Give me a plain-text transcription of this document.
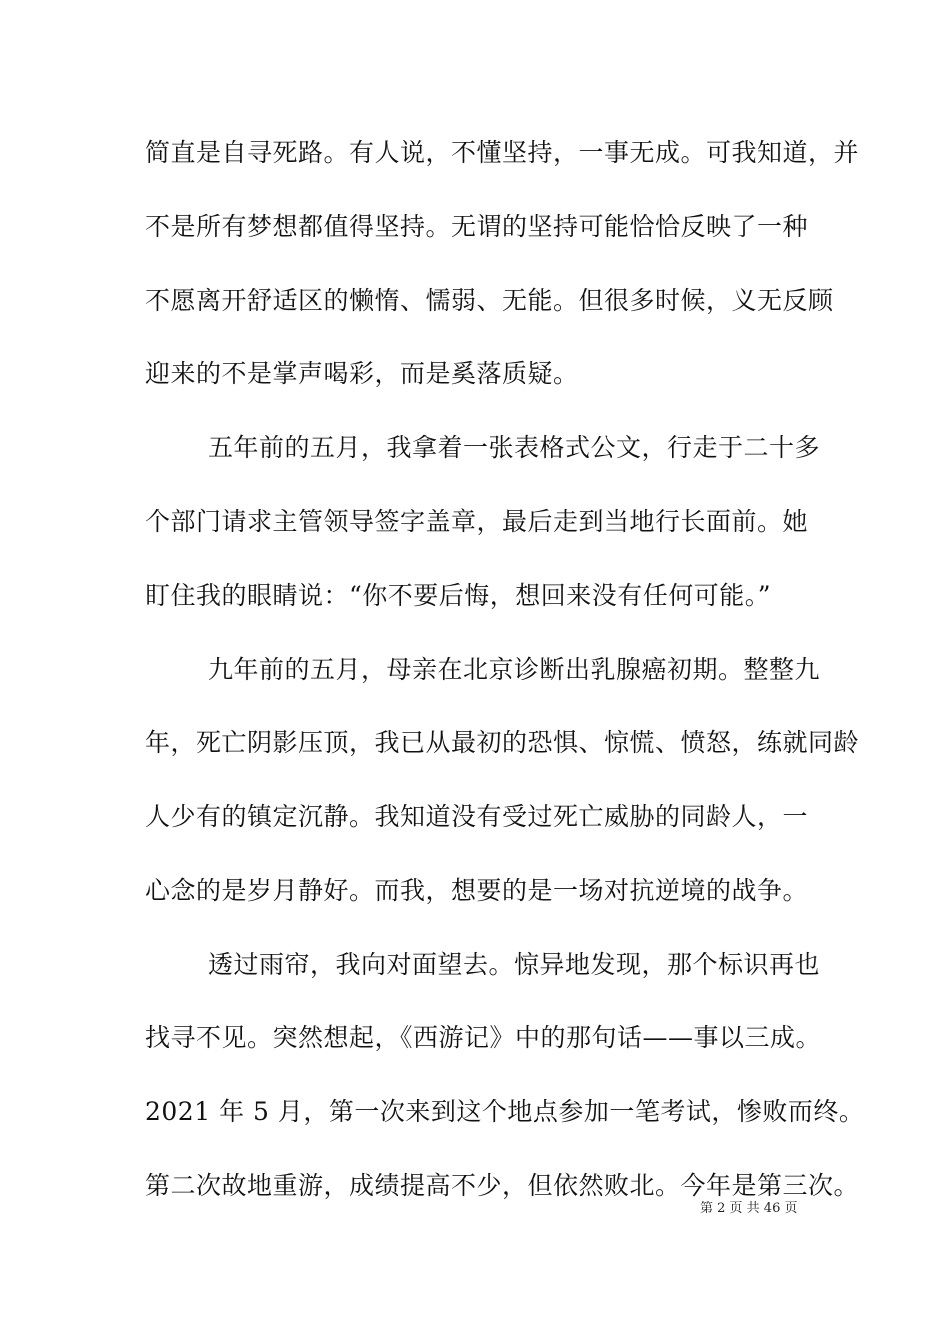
简直是自寻死路。有人说，不懂坚持，一事无成。可我知道，并
不是所有梦想都值得坚持。无谓的坚持可能恰恰反映了一种
不愿离开舒适区的懒惰、懦弱、无能。但很多时候，义无反顾
迎来的不是掌声喝彩，而是奚落质疑。
五年前的五月，我拿着一张表格式公文，行走于二十多
个部门请求主管领导签字盖章，最后走到当地行长面前。她
盯住我的眼睛说：“你不要后悔，想回来没有任何可能。”
九年前的五月，母亲在北京诊断出乳腺癌初期。整整九
年，死亡阴影压顶，我已从最初的恐惧、惊慌、愤怒，练就同龄
人少有的镇定沉静。我知道没有受过死亡威胁的同龄人，一
心念的是岁月静好。而我，想要的是一场对抗逆境的战争。
透过雨帘，我向对面望去。惊异地发现，那个标识再也
找寻不见。突然想起，《西游记》中的那句话——事以三成。
2021 年 5 月，第一次来到这个地点参加一笔考试，惨败而终。
第二次故地重游，成绩提高不少，但依然败北。今年是第三次。
第 2 页 共 46 页
